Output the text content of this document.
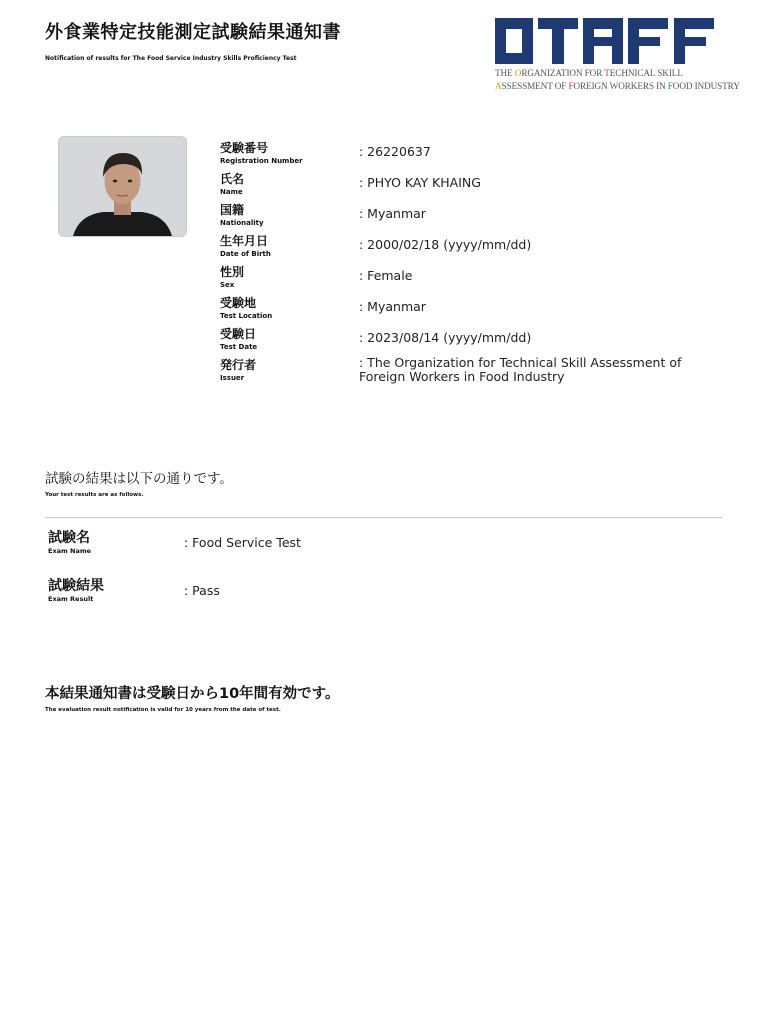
外食業特定技能測定試験結果通知書
Notification of results for The Food Service Industry Skills Proficiency Test
THE ORGANIZATION FOR TECHNICAL SKILL
ASSESSMENT OF FOREIGN WORKERS IN FOOD INDUSTRY
受験番号
Registration Number
: 26220637
氏名
Name
: PHYO KAY KHAING
国籍
Nationality
: Myanmar
生年月日
Date of Birth
: 2000/02/18 (yyyy/mm/dd)
性別
Sex
: Female
受験地
Test Location
: Myanmar
受験日
Test Date
: 2023/08/14 (yyyy/mm/dd)
発行者
Issuer
: The Organization for Technical Skill Assessment of Foreign Workers in Food Industry
試験の結果は以下の通りです。
Your test results are as follows.
試験名
Exam Name
: Food Service Test
試験結果
Exam Result
: Pass
本結果通知書は受験日から10年間有効です。
The evaluation result notification is valid for 10 years from the date of test.
